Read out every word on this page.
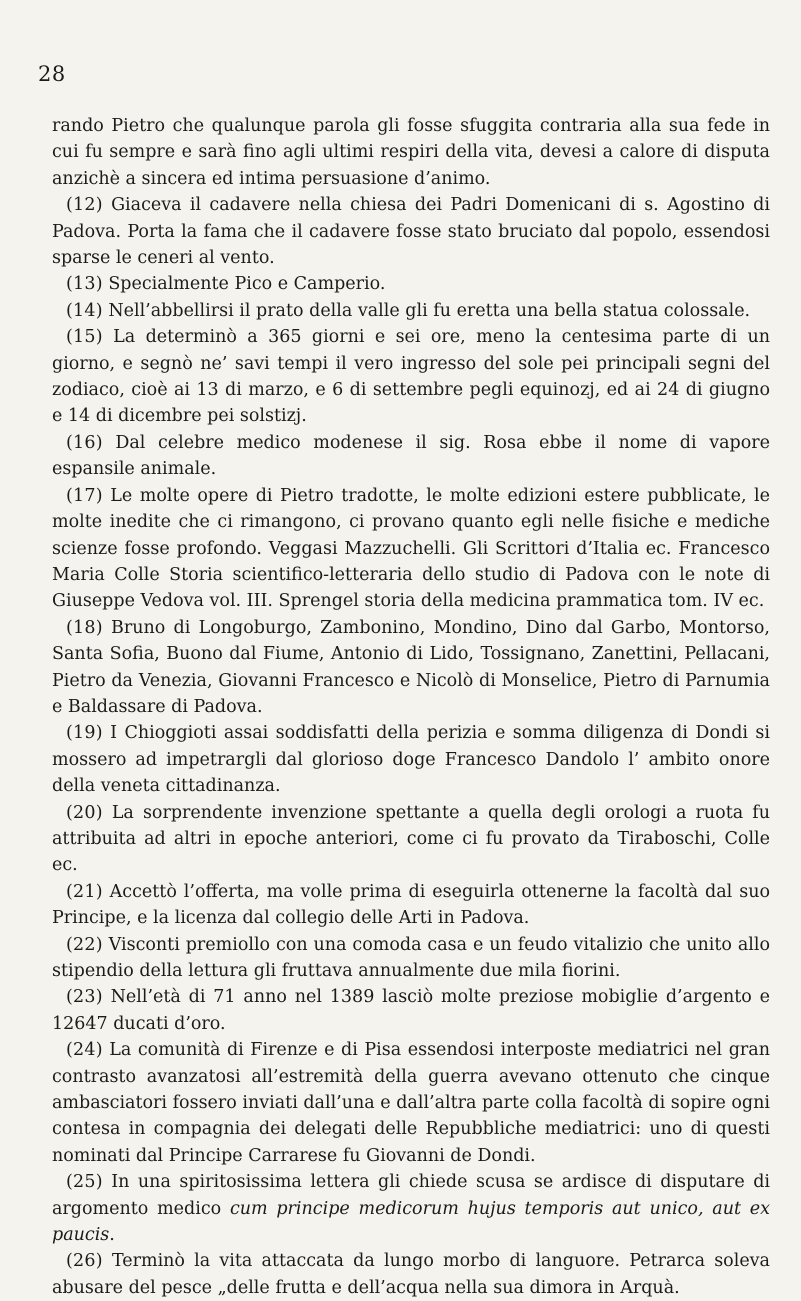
28

rando Pietro che qualunque parola gli fosse sfuggita contraria alla sua fede in cui fu sempre e sarà fino agli ultimi respiri della vita, devesi a calore di disputa anzichè a sincera ed intima persuasione d’animo.

(12) Giaceva il cadavere nella chiesa dei Padri Domenicani di s. Agostino di Padova. Porta la fama che il cadavere fosse stato bruciato dal popolo, essendosi sparse le ceneri al vento.

(13) Specialmente Pico e Camperio.

(14) Nell’abbellirsi il prato della valle gli fu eretta una bella statua colossale.

(15) La determinò a 365 giorni e sei ore, meno la centesima parte di un giorno, e segnò ne’ savi tempi il vero ingresso del sole pei principali segni del zodiaco, cioè ai 13 di marzo, e 6 di settembre pegli equinozj, ed ai 24 di giugno e 14 di dicembre pei solstizj.

(16) Dal celebre medico modenese il sig. Rosa ebbe il nome di vapore espansile animale.

(17) Le molte opere di Pietro tradotte, le molte edizioni estere pubblicate, le molte inedite che ci rimangono, ci provano quanto egli nelle fisiche e mediche scienze fosse profondo. Veggasi Mazzuchelli. Gli Scrittori d’Italia ec. Francesco Maria Colle Storia scientifico-letteraria dello studio di Padova con le note di Giuseppe Vedova vol. III. Sprengel storia della medicina prammatica tom. IV ec.

(18) Bruno di Longoburgo, Zambonino, Mondino, Dino dal Garbo, Montorso, Santa Sofia, Buono dal Fiume, Antonio di Lido, Tossignano, Zanettini, Pellacani, Pietro da Venezia, Giovanni Francesco e Nicolò di Monselice, Pietro di Parnumia e Baldassare di Padova.

(19) I Chioggioti assai soddisfatti della perizia e somma diligenza di Dondi si mossero ad impetrargli dal glorioso doge Francesco Dandolo l’ ambito onore della veneta cittadinanza.

(20) La sorprendente invenzione spettante a quella degli orologi a ruota fu attribuita ad altri in epoche anteriori, come ci fu provato da Tiraboschi, Colle ec.

(21) Accettò l’offerta, ma volle prima di eseguirla ottenerne la facoltà dal suo Principe, e la licenza dal collegio delle Arti in Padova.

(22) Visconti premiollo con una comoda casa e un feudo vitalizio che unito allo stipendio della lettura gli fruttava annualmente due mila fiorini.

(23) Nell’età di 71 anno nel 1389 lasciò molte preziose mobiglie d’argento e 12647 ducati d’oro.

(24) La comunità di Firenze e di Pisa essendosi interposte mediatrici nel gran contrasto avanzatosi all’estremità della guerra avevano ottenuto che cinque ambasciatori fossero inviati dall’una e dall’altra parte colla facoltà di sopire ogni contesa in compagnia dei delegati delle Repubbliche mediatrici: uno di questi nominati dal Principe Carrarese fu Giovanni de Dondi.

(25) In una spiritosissima lettera gli chiede scusa se ardisce di disputare di argomento medico cum principe medicorum hujus temporis aut unico, aut ex paucis.

(26) Terminò la vita attaccata da lungo morbo di languore. Petrarca soleva abusare del pesce „delle frutta e dell’acqua nella sua dimora in Arquà.
